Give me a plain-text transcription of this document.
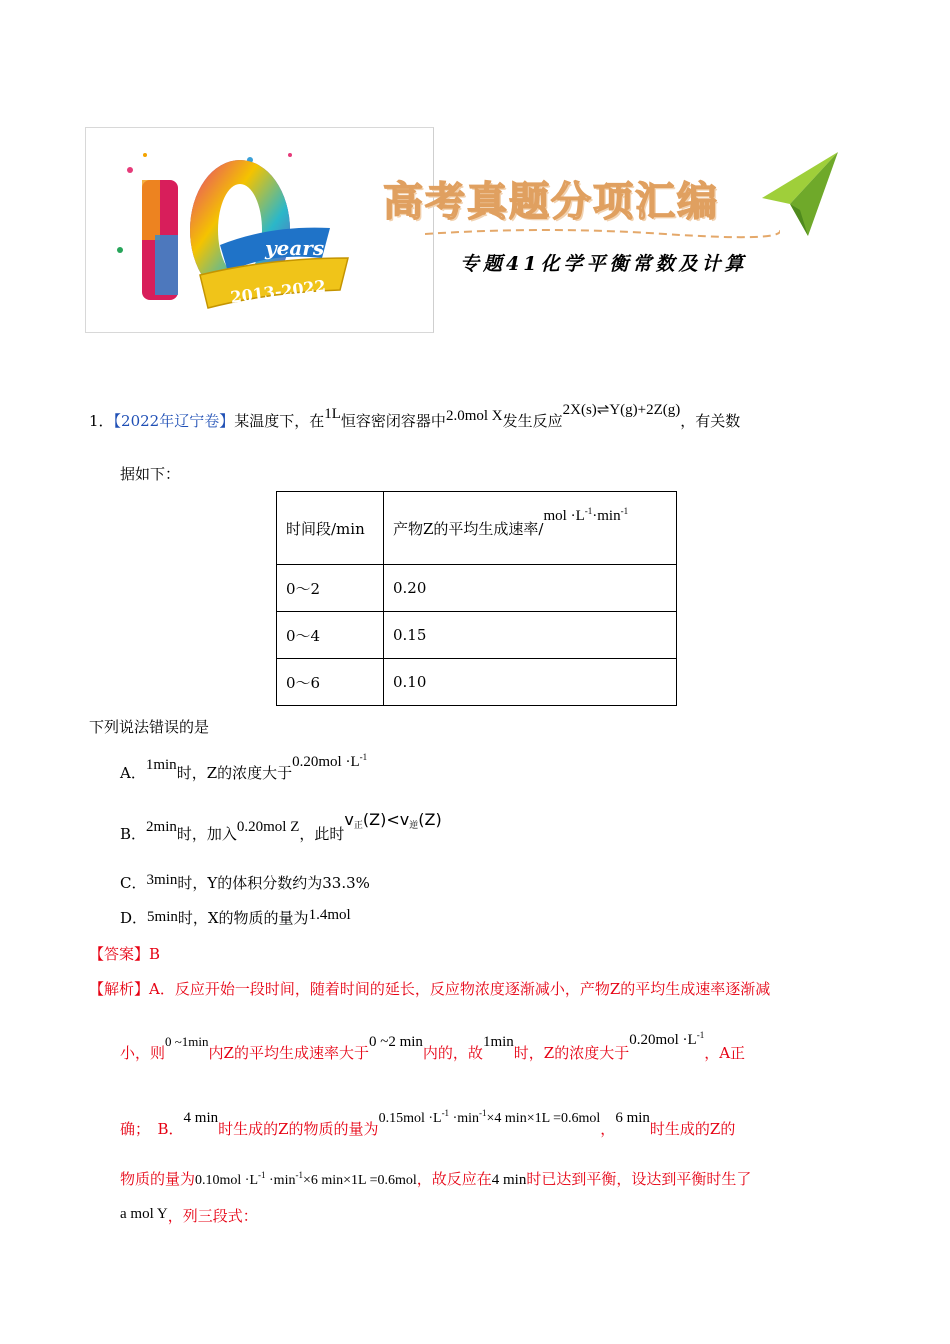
years
2013-2022
高考真题分项汇编
专题41化学平衡常数及计算
1．【2022年辽宁卷】某温度下，在1L恒容密闭容器中2.0mol X发生反应2X(s)⇌Y(g)+2Z(g)，有关数
据如下：
时间段/min	产物Z的平均生成速率$/mol \cdot L^{-1}\cdot\min^{-1}$
0～2	0.20
0～4	0.15
0～6	0.10
下列说法错误的是
A．1min时，Z的浓度大于$0.20mol \cdot L^{-1}$
B．2min时，加入0.20mol Z，此时$v_正(Z)<v_逆(Z)$
C．3min时，Y的体积分数约为33.3%
D．5min时，X的物质的量为1.4mol
【答案】B
【解析】A．反应开始一段时间，随着时间的延长，反应物浓度逐渐减小，产物Z的平均生成速率逐渐减
小，则0 ~1min内Z的平均生成速率大于0 ~2 min内的，故1min时，Z的浓度大于$0.20mol \cdot L^{-1}$，A正
确；　B．4 min时生成的Z的物质的量为$0.15mol \cdot L^{-1} \cdot\min^{-1}\times 4$ min×1L =0.6mol，6 min时生成的Z的
物质的量为$0.10mol \cdot L^{-1} \cdot\min^{-1}\times 6$ min×1L =0.6mol，故反应在4 min时已达到平衡，设达到平衡时生了
a mol Y，列三段式：
